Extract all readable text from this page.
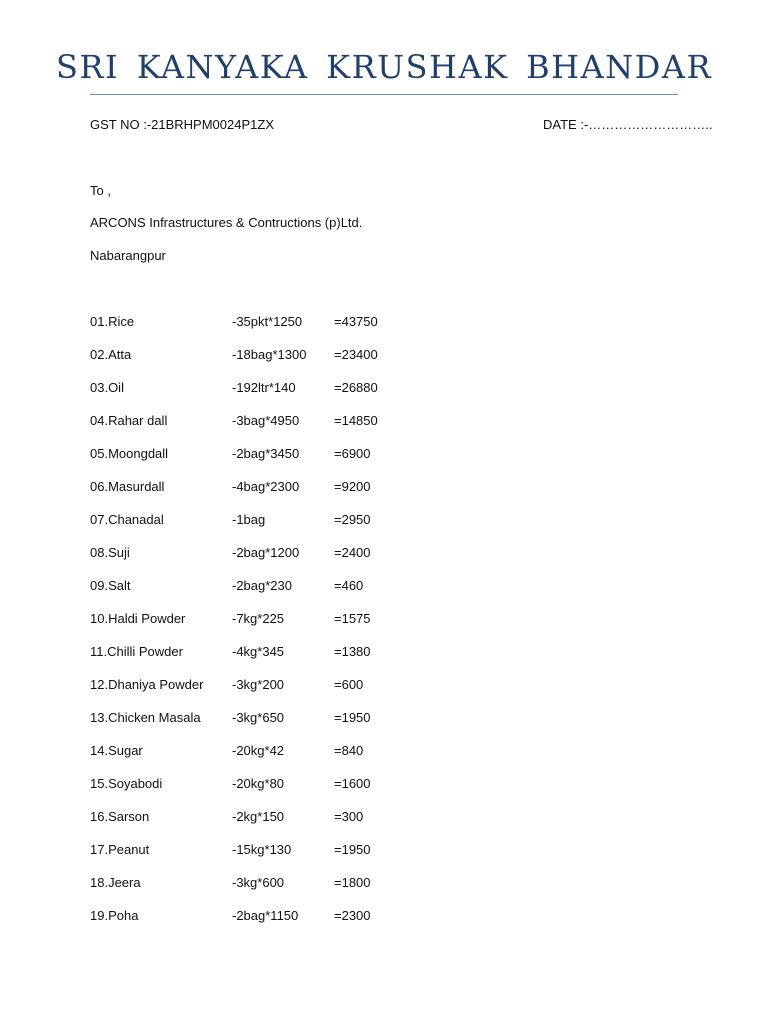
SRI KANYAKA KRUSHAK BHANDAR
GST NO :-21BRHPM0024P1ZX	DATE :-………………………..
To ,
ARCONS Infrastructures & Contructions (p)Ltd.
Nabarangpur
01.Rice	-35pkt*1250 =43750
02.Atta	-18bag*1300 =23400
03.Oil	-192ltr*140	=26880
04.Rahar dall	-3bag*4950	=14850
05.Moongdall	-2bag*3450	=6900
06.Masurdall	-4bag*2300	=9200
07.Chanadal	-1bag	=2950
08.Suji	-2bag*1200	=2400
09.Salt	-2bag*230	=460
10.Haldi Powder	-7kg*225	=1575
11.Chilli Powder	-4kg*345	=1380
12.Dhaniya Powder -3kg*200	=600
13.Chicken Masala -3kg*650	=1950
14.Sugar	-20kg*42	=840
15.Soyabodi	-20kg*80	=1600
16.Sarson	-2kg*150	=300
17.Peanut	-15kg*130	=1950
18.Jeera	-3kg*600	=1800
19.Poha	-2bag*1150	=2300
